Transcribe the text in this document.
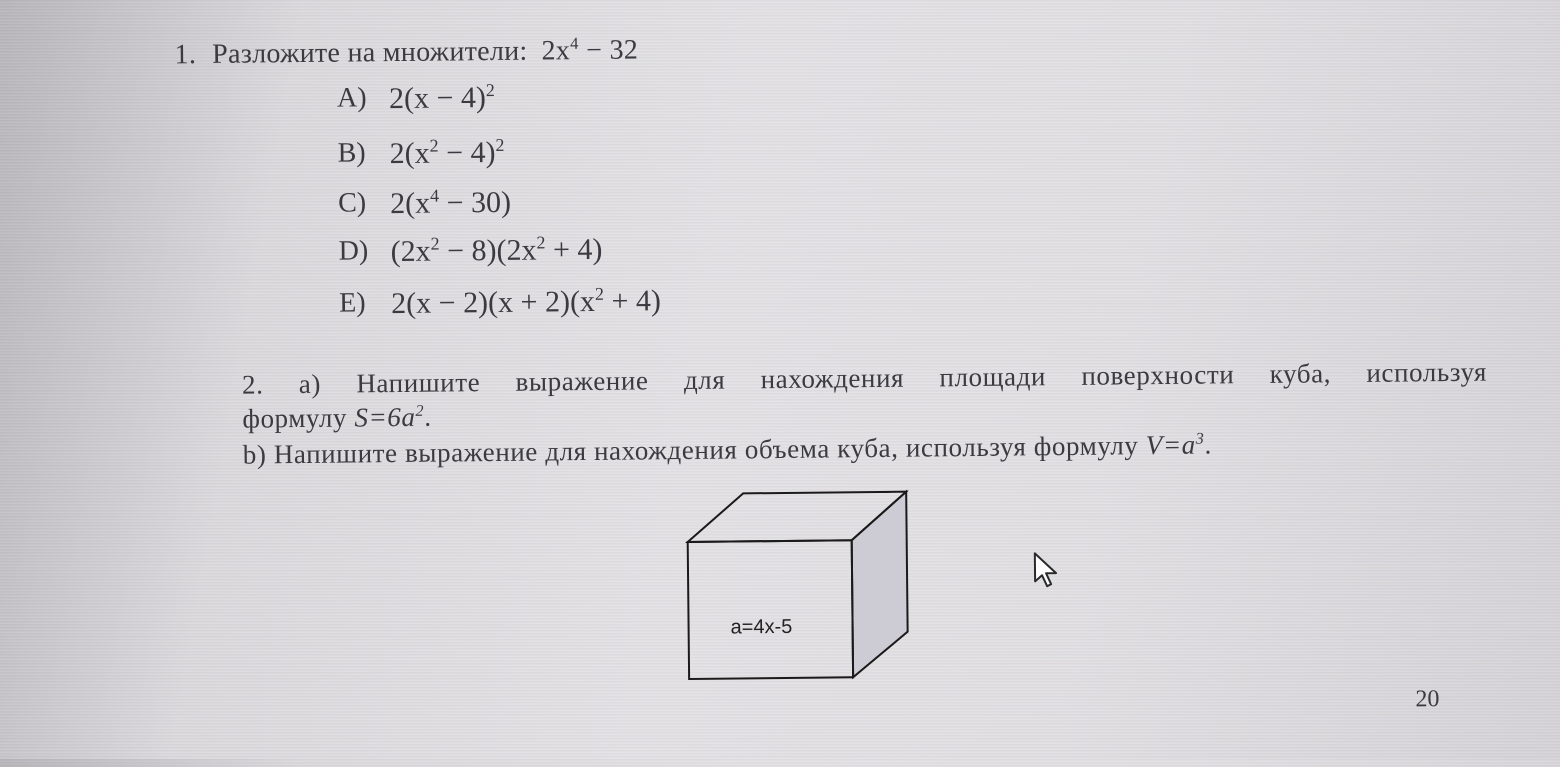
1. Разложите на множители: $2x^4 - 32$
A) $2(x - 4)^2$
B) $2(x^2 - 4)^2$
C) $2(x^4 - 30)$
D) $(2x^2 - 8)(2x^2 + 4)$
E) $2(x - 2)(x + 2)(x^2 + 4)$
2. a) Напишите выражение для нахождения площади поверхности куба, используя
формулу $S=6a^2$.
b) Напишите выражение для нахождения объема куба, используя формулу $V=a^3$.
a=4x-5
20
